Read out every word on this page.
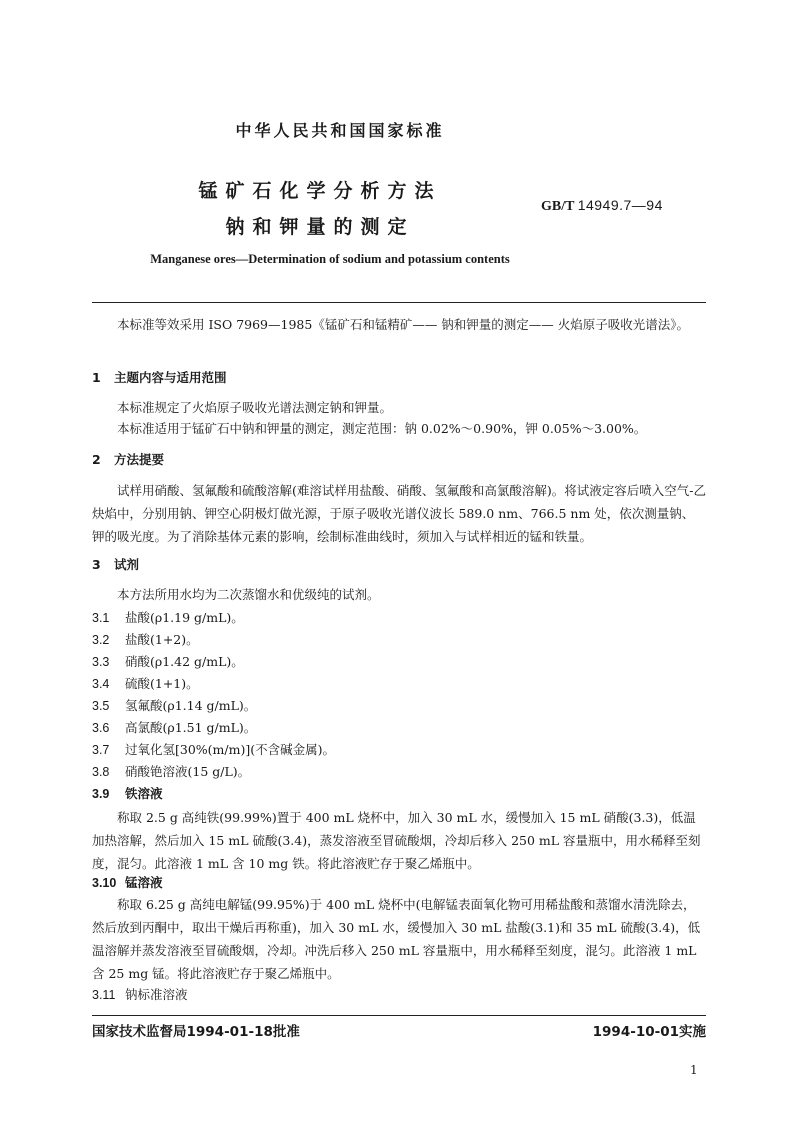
中华人民共和国国家标准
锰矿石化学分析方法
钠和钾量的测定
GB/T 14949.7—94
Manganese ores—Determination of sodium and potassium contents
本标准等效采用 ISO 7969—1985《锰矿石和锰精矿—— 钠和钾量的测定—— 火焰原子吸收光谱法》。
1 主题内容与适用范围
本标准规定了火焰原子吸收光谱法测定钠和钾量。
本标准适用于锰矿石中钠和钾量的测定，测定范围：钠 0.02%～0.90%，钾 0.05%～3.00%。
2 方法提要
试样用硝酸、氢氟酸和硫酸溶解(难溶试样用盐酸、硝酸、氢氟酸和高氯酸溶解)。将试液定容后喷入空气-乙炔焰中，分别用钠、钾空心阴极灯做光源，于原子吸收光谱仪波长 589.0 nm、766.5 nm 处，依次测量钠、钾的吸光度。为了消除基体元素的影响，绘制标准曲线时，须加入与试样相近的锰和铁量。
3 试剂
本方法所用水均为二次蒸馏水和优级纯的试剂。
3.1 盐酸(ρ1.19 g/mL)。
3.2 盐酸(1+2)。
3.3 硝酸(ρ1.42 g/mL)。
3.4 硫酸(1+1)。
3.5 氢氟酸(ρ1.14 g/mL)。
3.6 高氯酸(ρ1.51 g/mL)。
3.7 过氧化氢[30%(m/m)](不含碱金属)。
3.8 硝酸铯溶液(15 g/L)。
3.9 铁溶液
称取 2.5 g 高纯铁(99.99%)置于 400 mL 烧杯中，加入 30 mL 水，缓慢加入 15 mL 硝酸(3.3)，低温加热溶解，然后加入 15 mL 硫酸(3.4)，蒸发溶液至冒硫酸烟，冷却后移入 250 mL 容量瓶中，用水稀释至刻度，混匀。此溶液 1 mL 含 10 mg 铁。将此溶液贮存于聚乙烯瓶中。
3.10 锰溶液
称取 6.25 g 高纯电解锰(99.95%)于 400 mL 烧杯中(电解锰表面氧化物可用稀盐酸和蒸馏水清洗除去，然后放到丙酮中，取出干燥后再称重)，加入 30 mL 水，缓慢加入 30 mL 盐酸(3.1)和 35 mL 硫酸(3.4)，低温溶解并蒸发溶液至冒硫酸烟，冷却。冲洗后移入 250 mL 容量瓶中，用水稀释至刻度，混匀。此溶液 1 mL 含 25 mg 锰。将此溶液贮存于聚乙烯瓶中。
3.11 钠标准溶液
国家技术监督局1994-01-18批准	1994-10-01实施
1
